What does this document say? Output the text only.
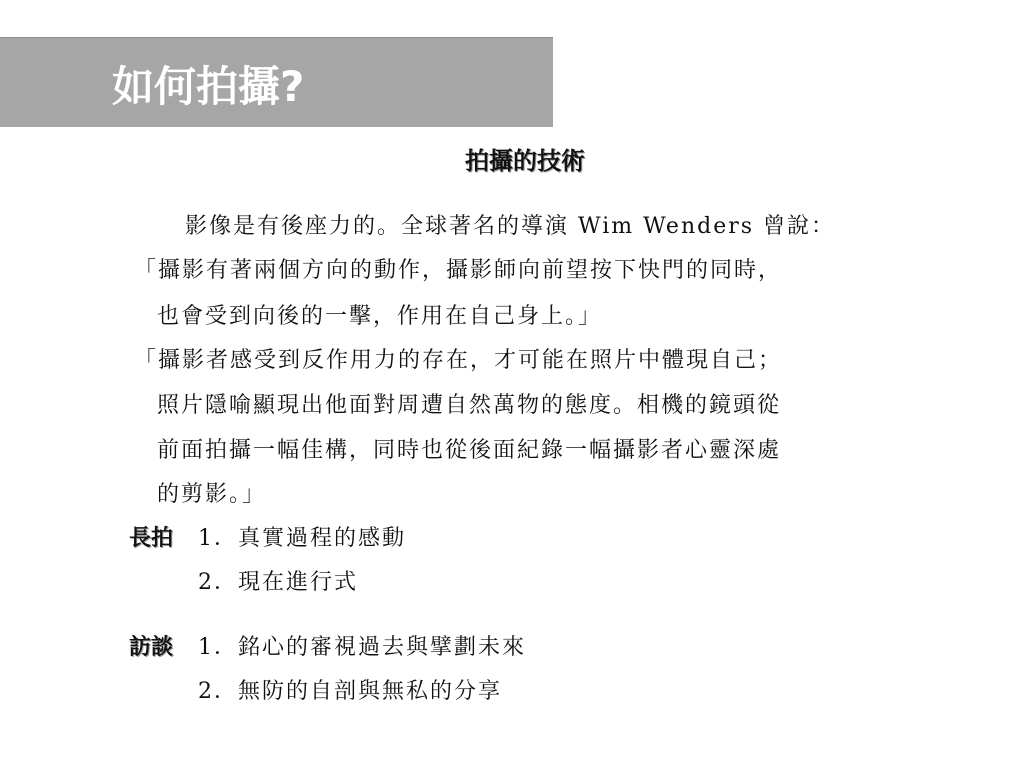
如何拍攝?
拍攝的技術
影像是有後座力的。全球著名的導演 Wim Wenders 曾說：
「攝影有著兩個方向的動作，攝影師向前望按下快門的同時，
也會受到向後的一擊，作用在自己身上。」
「攝影者感受到反作用力的存在，才可能在照片中體現自己；
照片隱喻顯現出他面對周遭自然萬物的態度。相機的鏡頭從
前面拍攝一幅佳構，同時也從後面紀錄一幅攝影者心靈深處
的剪影。」
長拍 1．真實過程的感動
2．現在進行式
訪談 1．銘心的審視過去與擘劃未來
2．無防的自剖與無私的分享
